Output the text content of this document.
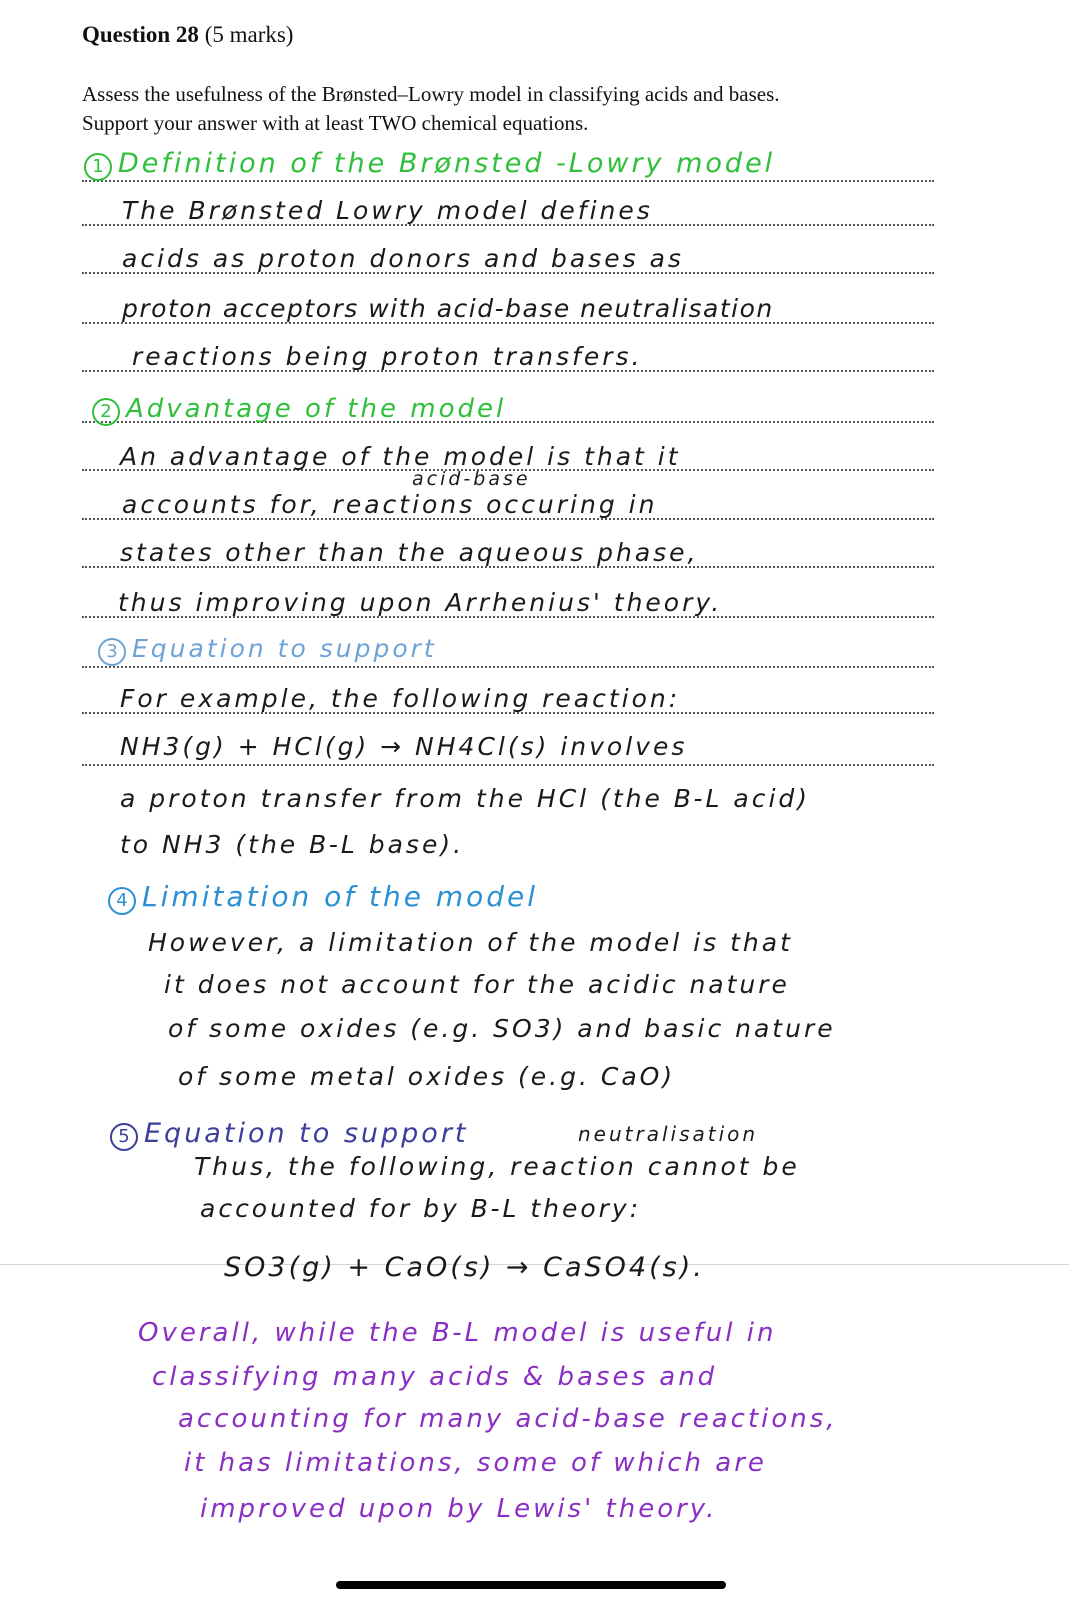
Question 28 (5 marks)
Assess the usefulness of the Brønsted–Lowry model in classifying acids and bases.
Support your answer with at least TWO chemical equations.
1 Definition of the Brønsted -Lowry model
The Brønsted Lowry model defines
acids as proton donors and bases as
proton acceptors with acid-base neutralisation
reactions being proton transfers.
2 Advantage of the model
An advantage of the model is that it
acid-base
accounts for, reactions occuring in
states other than the aqueous phase,
thus improving upon Arrhenius' theory.
3 Equation to support
For example, the following reaction:
NH3(g) + HCl(g) → NH4Cl(s) involves
a proton transfer from the HCl (the B-L acid)
to NH3 (the B-L base).
4 Limitation of the model
However, a limitation of the model is that
it does not account for the acidic nature
of some oxides (e.g. SO3) and basic nature
of some metal oxides (e.g. CaO)
5 Equation to support	neutralisation
Thus, the following, reaction cannot be
accounted for by B-L theory:
SO3(g) + CaO(s) → CaSO4(s).
Overall, while the B-L model is useful in
classifying many acids & bases and
accounting for many acid-base reactions,
it has limitations, some of which are
improved upon by Lewis' theory.
